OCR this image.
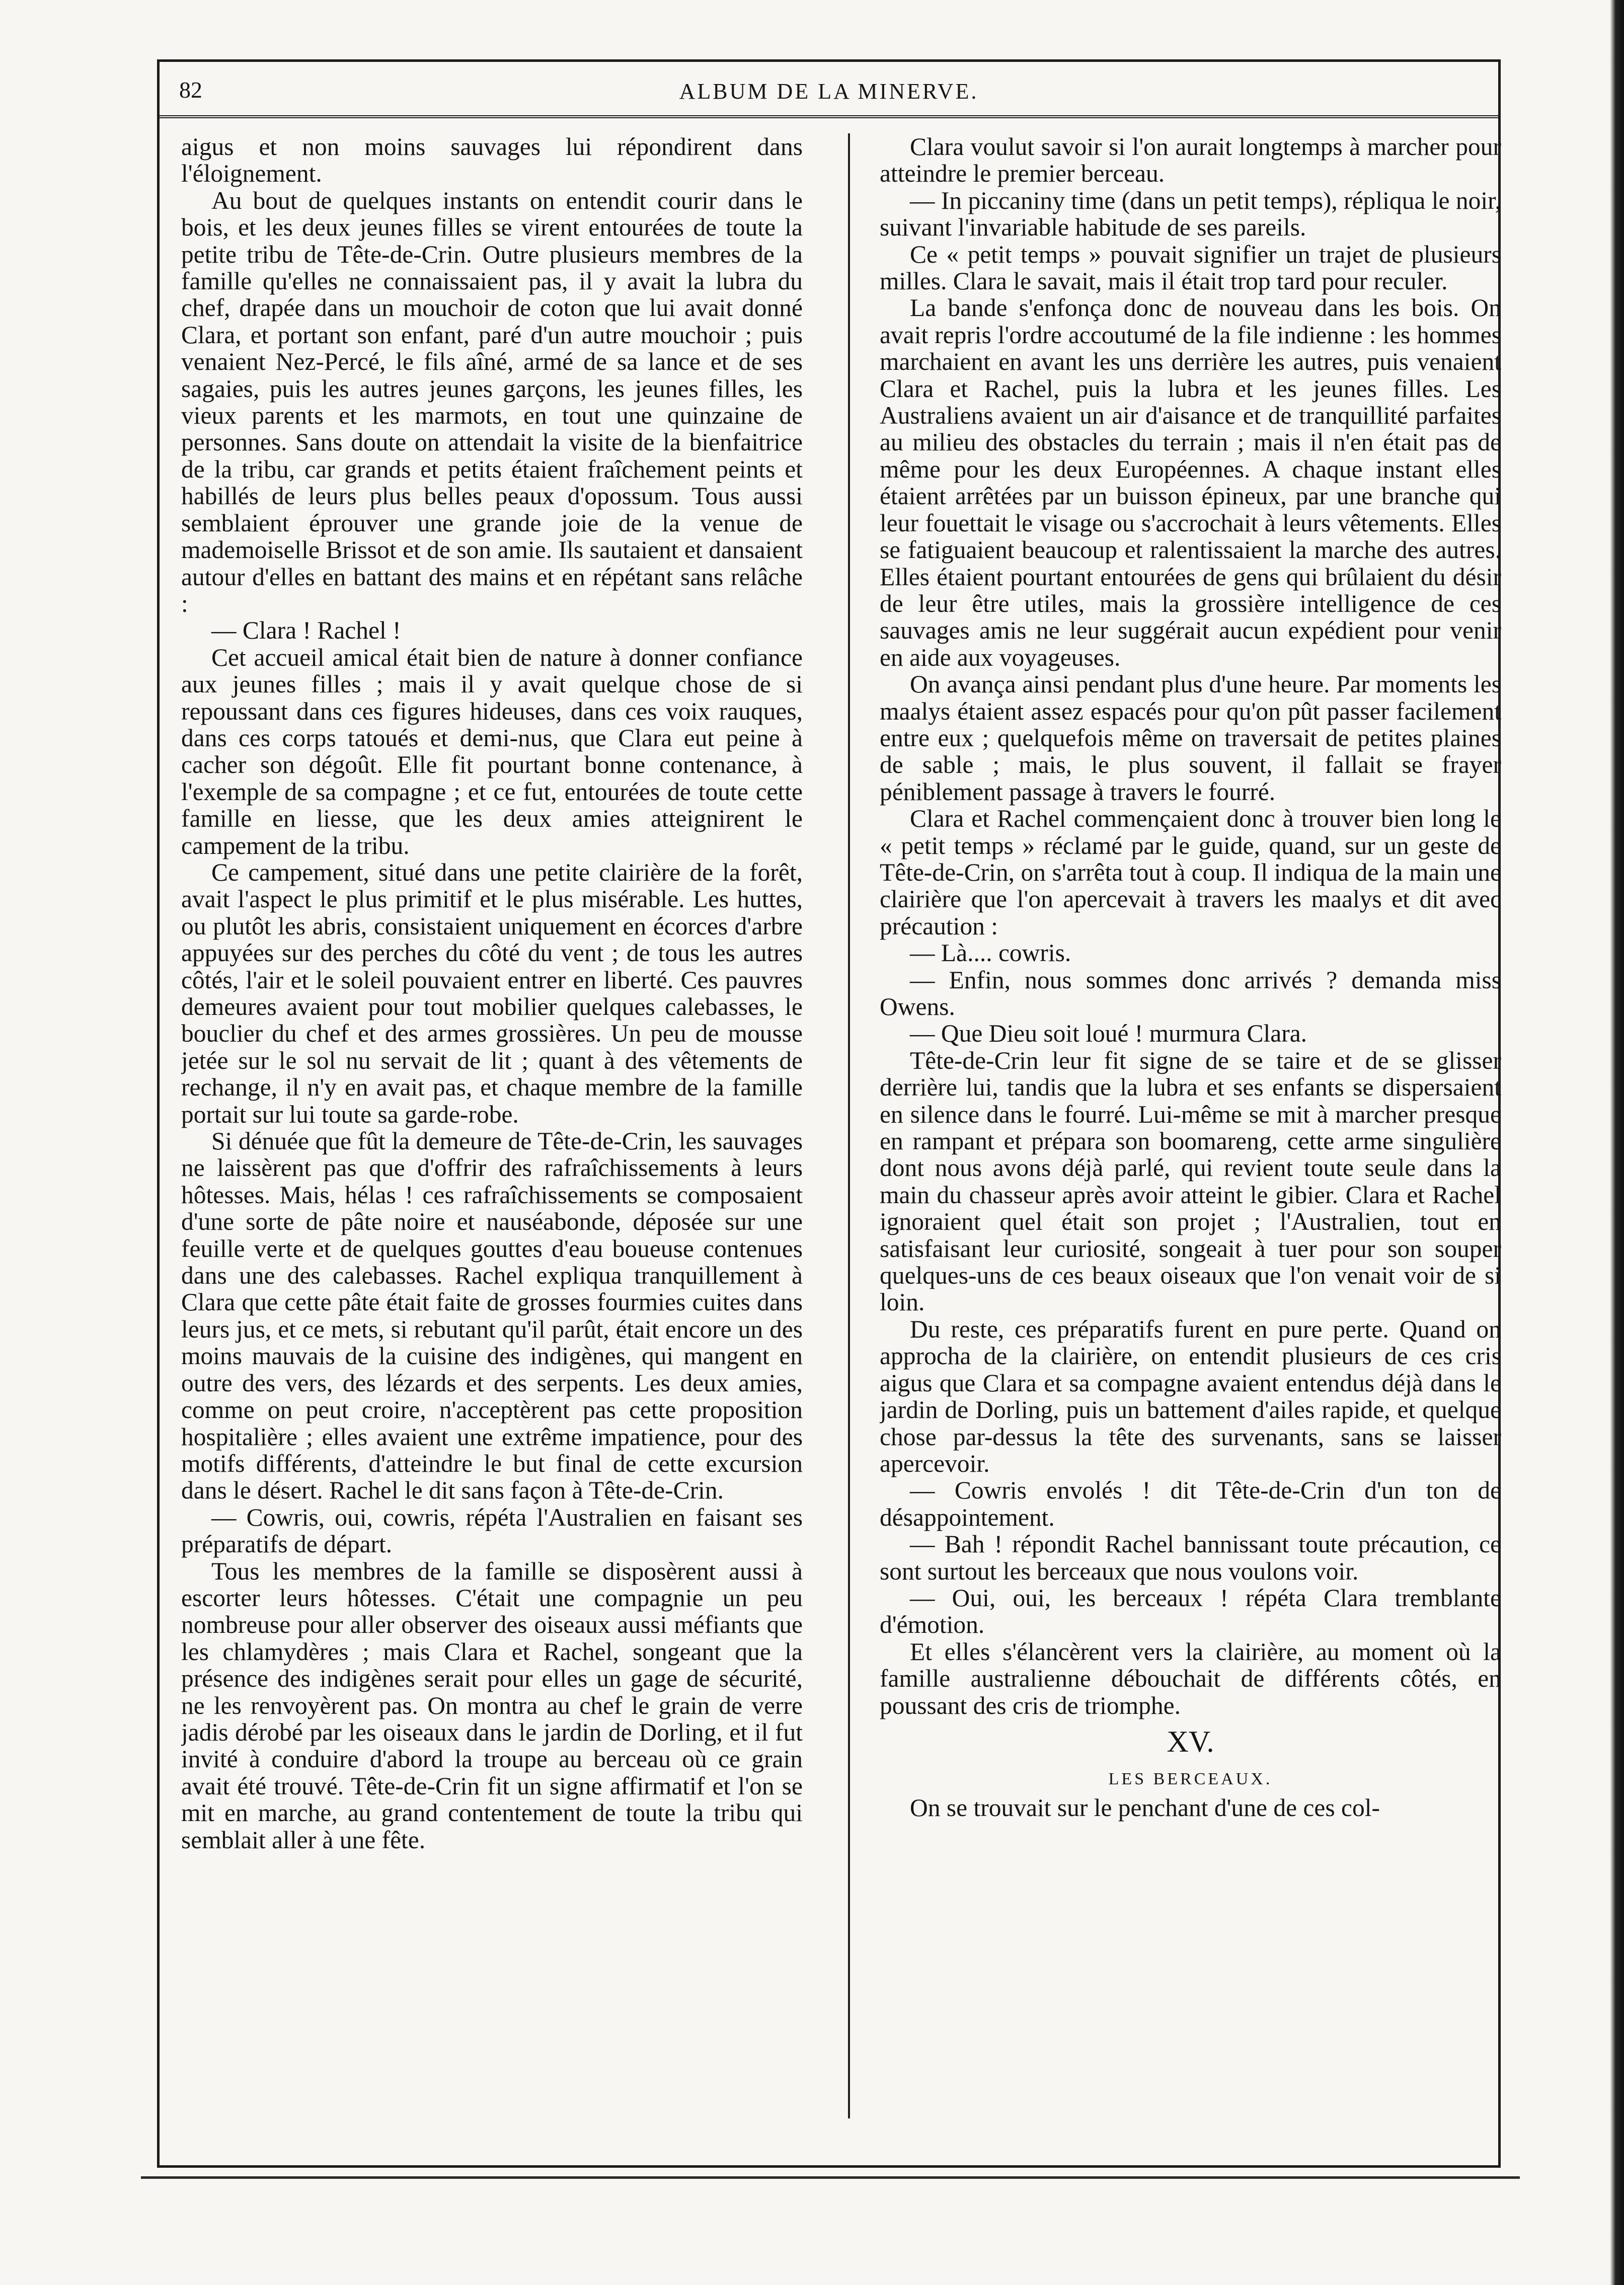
82	ALBUM DE LA MINERVE.

aigus et non moins sauvages lui répondirent dans l'éloignement.

Au bout de quelques instants on entendit courir dans le bois, et les deux jeunes filles se virent entourées de toute la petite tribu de Tête-de-Crin. Outre plusieurs membres de la famille qu'elles ne connaissaient pas, il y avait la lubra du chef, drapée dans un mouchoir de coton que lui avait donné Clara, et portant son enfant, paré d'un autre mouchoir ; puis venaient Nez-Percé, le fils aîné, armé de sa lance et de ses sagaies, puis les autres jeunes garçons, les jeunes filles, les vieux parents et les marmots, en tout une quinzaine de personnes. Sans doute on attendait la visite de la bienfaitrice de la tribu, car grands et petits étaient fraîchement peints et habillés de leurs plus belles peaux d'opossum. Tous aussi semblaient éprouver une grande joie de la venue de mademoiselle Brissot et de son amie. Ils sautaient et dansaient autour d'elles en battant des mains et en répétant sans relâche :

— Clara ! Rachel !

Cet accueil amical était bien de nature à donner confiance aux jeunes filles ; mais il y avait quelque chose de si repoussant dans ces figures hideuses, dans ces voix rauques, dans ces corps tatoués et demi-nus, que Clara eut peine à cacher son dégoût. Elle fit pourtant bonne contenance, à l'exemple de sa compagne ; et ce fut, entourées de toute cette famille en liesse, que les deux amies atteignirent le campement de la tribu.

Ce campement, situé dans une petite clairière de la forêt, avait l'aspect le plus primitif et le plus misérable. Les huttes, ou plutôt les abris, consistaient uniquement en écorces d'arbre appuyées sur des perches du côté du vent ; de tous les autres côtés, l'air et le soleil pouvaient entrer en liberté. Ces pauvres demeures avaient pour tout mobilier quelques calebasses, le bouclier du chef et des armes grossières. Un peu de mousse jetée sur le sol nu servait de lit ; quant à des vêtements de rechange, il n'y en avait pas, et chaque membre de la famille portait sur lui toute sa garde-robe.

Si dénuée que fût la demeure de Tête-de-Crin, les sauvages ne laissèrent pas que d'offrir des rafraîchissements à leurs hôtesses. Mais, hélas ! ces rafraîchissements se composaient d'une sorte de pâte noire et nauséabonde, déposée sur une feuille verte et de quelques gouttes d'eau boueuse contenues dans une des calebasses. Rachel expliqua tranquillement à Clara que cette pâte était faite de grosses fourmies cuites dans leurs jus, et ce mets, si rebutant qu'il parût, était encore un des moins mauvais de la cuisine des indigènes, qui mangent en outre des vers, des lézards et des serpents. Les deux amies, comme on peut croire, n'acceptèrent pas cette proposition hospitalière ; elles avaient une extrême impatience, pour des motifs différents, d'atteindre le but final de cette excursion dans le désert. Rachel le dit sans façon à Tête-de-Crin.

— Cowris, oui, cowris, répéta l'Australien en faisant ses préparatifs de départ.

Tous les membres de la famille se disposèrent aussi à escorter leurs hôtesses. C'était une compagnie un peu nombreuse pour aller observer des oiseaux aussi méfiants que les chlamydères ; mais Clara et Rachel, songeant que la présence des indigènes serait pour elles un gage de sécurité, ne les renvoyèrent pas. On montra au chef le grain de verre jadis dérobé par les oiseaux dans le jardin de Dorling, et il fut invité à conduire d'abord la troupe au berceau où ce grain avait été trouvé. Tête-de-Crin fit un signe affirmatif et l'on se mit en marche, au grand contentement de toute la tribu qui semblait aller à une fête.

Clara voulut savoir si l'on aurait longtemps à marcher pour atteindre le premier berceau.

— In piccaniny time (dans un petit temps), répliqua le noir, suivant l'invariable habitude de ses pareils.

Ce « petit temps » pouvait signifier un trajet de plusieurs milles. Clara le savait, mais il était trop tard pour reculer.

La bande s'enfonça donc de nouveau dans les bois. On avait repris l'ordre accoutumé de la file indienne : les hommes marchaient en avant les uns derrière les autres, puis venaient Clara et Rachel, puis la lubra et les jeunes filles. Les Australiens avaient un air d'aisance et de tranquillité parfaites au milieu des obstacles du terrain ; mais il n'en était pas de même pour les deux Européennes. A chaque instant elles étaient arrêtées par un buisson épineux, par une branche qui leur fouettait le visage ou s'accrochait à leurs vêtements. Elles se fatiguaient beaucoup et ralentissaient la marche des autres. Elles étaient pourtant entourées de gens qui brûlaient du désir de leur être utiles, mais la grossière intelligence de ces sauvages amis ne leur suggérait aucun expédient pour venir en aide aux voyageuses.

On avança ainsi pendant plus d'une heure. Par moments les maalys étaient assez espacés pour qu'on pût passer facilement entre eux ; quelquefois même on traversait de petites plaines de sable ; mais, le plus souvent, il fallait se frayer péniblement passage à travers le fourré.

Clara et Rachel commençaient donc à trouver bien long le « petit temps » réclamé par le guide, quand, sur un geste de Tête-de-Crin, on s'arrêta tout à coup. Il indiqua de la main une clairière que l'on apercevait à travers les maalys et dit avec précaution :

— Là.... cowris.

— Enfin, nous sommes donc arrivés ? demanda miss Owens.

— Que Dieu soit loué ! murmura Clara.

Tête-de-Crin leur fit signe de se taire et de se glisser derrière lui, tandis que la lubra et ses enfants se dispersaient en silence dans le fourré. Lui-même se mit à marcher presque en rampant et prépara son boomareng, cette arme singulière dont nous avons déjà parlé, qui revient toute seule dans la main du chasseur après avoir atteint le gibier. Clara et Rachel ignoraient quel était son projet ; l'Australien, tout en satisfaisant leur curiosité, songeait à tuer pour son souper quelques-uns de ces beaux oiseaux que l'on venait voir de si loin.

Du reste, ces préparatifs furent en pure perte. Quand on approcha de la clairière, on entendit plusieurs de ces cris aigus que Clara et sa compagne avaient entendus déjà dans le jardin de Dorling, puis un battement d'ailes rapide, et quelque chose par-dessus la tête des survenants, sans se laisser apercevoir.

— Cowris envolés ! dit Tête-de-Crin d'un ton de désappointement.

— Bah ! répondit Rachel bannissant toute précaution, ce sont surtout les berceaux que nous voulons voir.

— Oui, oui, les berceaux ! répéta Clara tremblante d'émotion.

Et elles s'élancèrent vers la clairière, au moment où la famille australienne débouchait de différents côtés, en poussant des cris de triomphe.

XV.

LES BERCEAUX.

On se trouvait sur le penchant d'une de ces col-
